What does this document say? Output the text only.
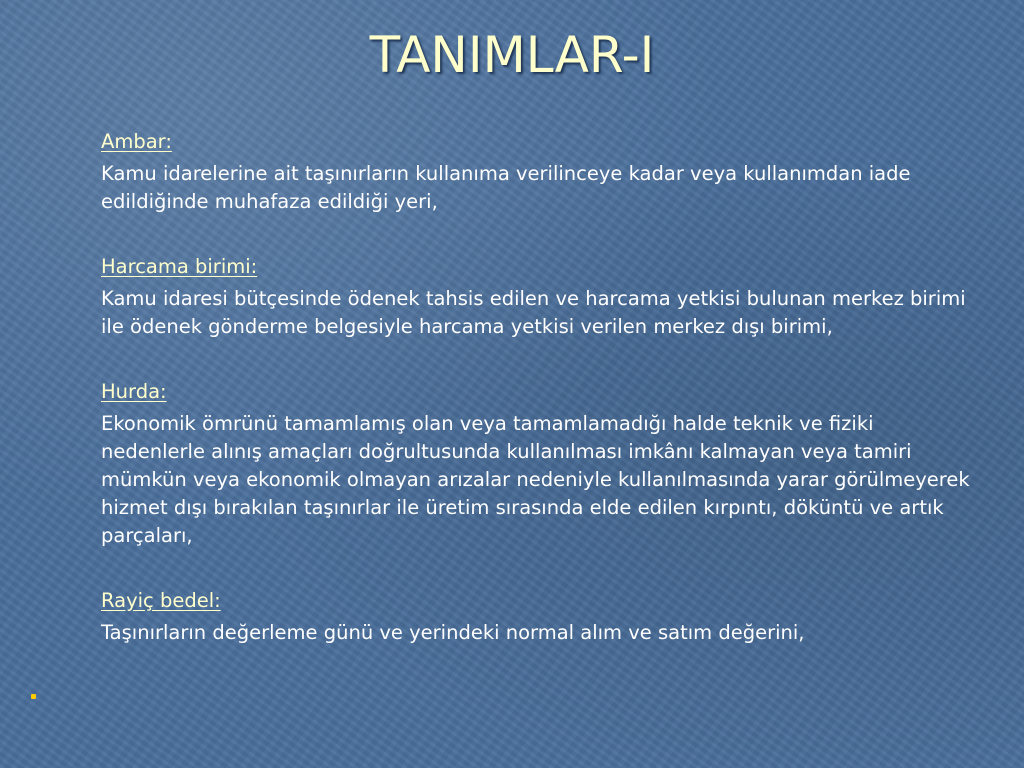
TANIMLAR-I
Ambar:
Kamu idarelerine ait taşınırların kullanıma verilinceye kadar veya kullanımdan iade edildiğinde muhafaza edildiği yeri,
Harcama birimi:
Kamu idaresi bütçesinde ödenek tahsis edilen ve harcama yetkisi bulunan merkez birimi ile ödenek gönderme belgesiyle harcama yetkisi verilen merkez dışı birimi,
Hurda:
Ekonomik ömrünü tamamlamış olan veya tamamlamadığı halde teknik ve fiziki nedenlerle alınış amaçları doğrultusunda kullanılması imkânı kalmayan veya tamiri mümkün veya ekonomik olmayan arızalar nedeniyle kullanılmasında yarar görülmeyerek hizmet dışı bırakılan taşınırlar ile üretim sırasında elde edilen kırpıntı, döküntü ve artık parçaları,
Rayiç bedel:
Taşınırların değerleme günü ve yerindeki normal alım ve satım değerini,
